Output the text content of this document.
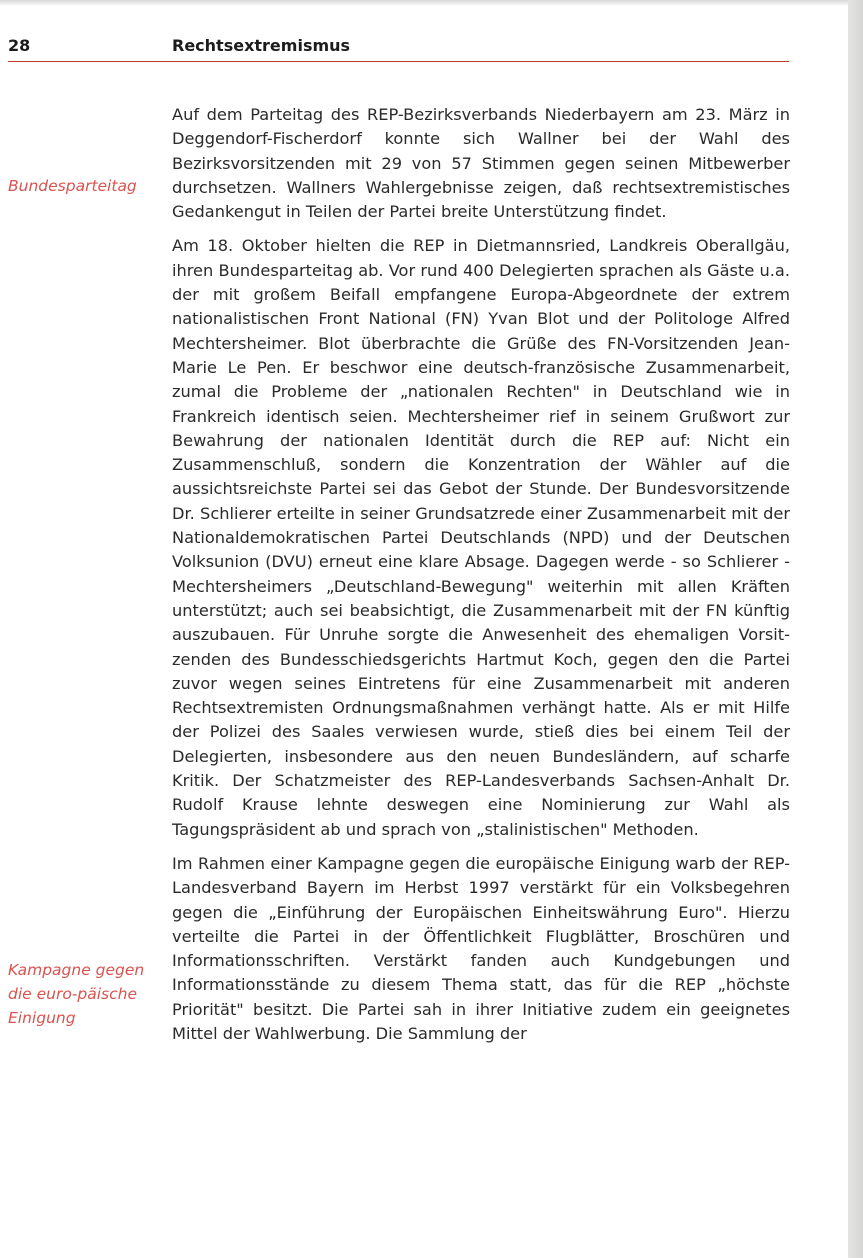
28	Rechtsextremismus
Bundesparteitag
Kampagne gegen die euro-päische Einigung

Auf dem Parteitag des REP-Bezirksverbands Niederbayern am 23. März in Deggendorf-Fischerdorf konnte sich Wallner bei der Wahl des Bezirksvorsitzenden mit 29 von 57 Stimmen gegen seinen Mitbewerber durchsetzen. Wallners Wahlergebnisse zeigen, daß rechtsextremistisches Gedankengut in Teilen der Partei breite Unterstützung findet.

Am 18. Oktober hielten die REP in Dietmannsried, Landkreis Oberallgäu, ihren Bundesparteitag ab. Vor rund 400 Delegierten sprachen als Gäste u.a. der mit großem Beifall empfangene Europa-Abgeordnete der extrem nationalistischen Front National (FN) Yvan Blot und der Politologe Alfred Mechtersheimer. Blot überbrachte die Grüße des FN-Vorsitzenden Jean-Marie Le Pen. Er beschwor eine deutsch-französische Zusammenarbeit, zumal die Probleme der „nationalen Rechten" in Deutschland wie in Frankreich identisch seien. Mechtersheimer rief in seinem Grußwort zur Bewahrung der nationalen Identität durch die REP auf: Nicht ein Zusammenschluß, sondern die Konzentration der Wähler auf die aussichtsreichste Partei sei das Gebot der Stunde. Der Bundesvorsitzende Dr. Schlierer erteilte in seiner Grundsatzrede einer Zusammenarbeit mit der Nationaldemokratischen Partei Deutschlands (NPD) und der Deutschen Volksunion (DVU) erneut eine klare Absage. Dagegen werde - so Schlierer - Mechtersheimers „Deutschland-Bewegung" weiterhin mit allen Kräften unterstützt; auch sei beabsichtigt, die Zusammenarbeit mit der FN künftig auszubauen. Für Unruhe sorgte die Anwesenheit des ehemaligen Vorsitzenden des Bundesschiedsgerichts Hartmut Koch, gegen den die Partei zuvor wegen seines Eintretens für eine Zusammenarbeit mit anderen Rechtsextremisten Ordnungsmaßnahmen verhängt hatte. Als er mit Hilfe der Polizei des Saales verwiesen wurde, stieß dies bei einem Teil der Delegierten, insbesondere aus den neuen Bundesländern, auf scharfe Kritik. Der Schatzmeister des REP-Landesverbands Sachsen-Anhalt Dr. Rudolf Krause lehnte deswegen eine Nominierung zur Wahl als Tagungspräsident ab und sprach von „stalinistischen" Methoden.

Im Rahmen einer Kampagne gegen die europäische Einigung warb der REP-Landesverband Bayern im Herbst 1997 verstärkt für ein Volksbegehren gegen die „Einführung der Europäischen Einheitswährung Euro". Hierzu verteilte die Partei in der Öffentlichkeit Flugblätter, Broschüren und Informationsschriften. Verstärkt fanden auch Kundgebungen und Informationsstände zu diesem Thema statt, das für die REP „höchste Priorität" besitzt. Die Partei sah in ihrer Initiative zudem ein geeignetes Mittel der Wahlwerbung. Die Sammlung der
